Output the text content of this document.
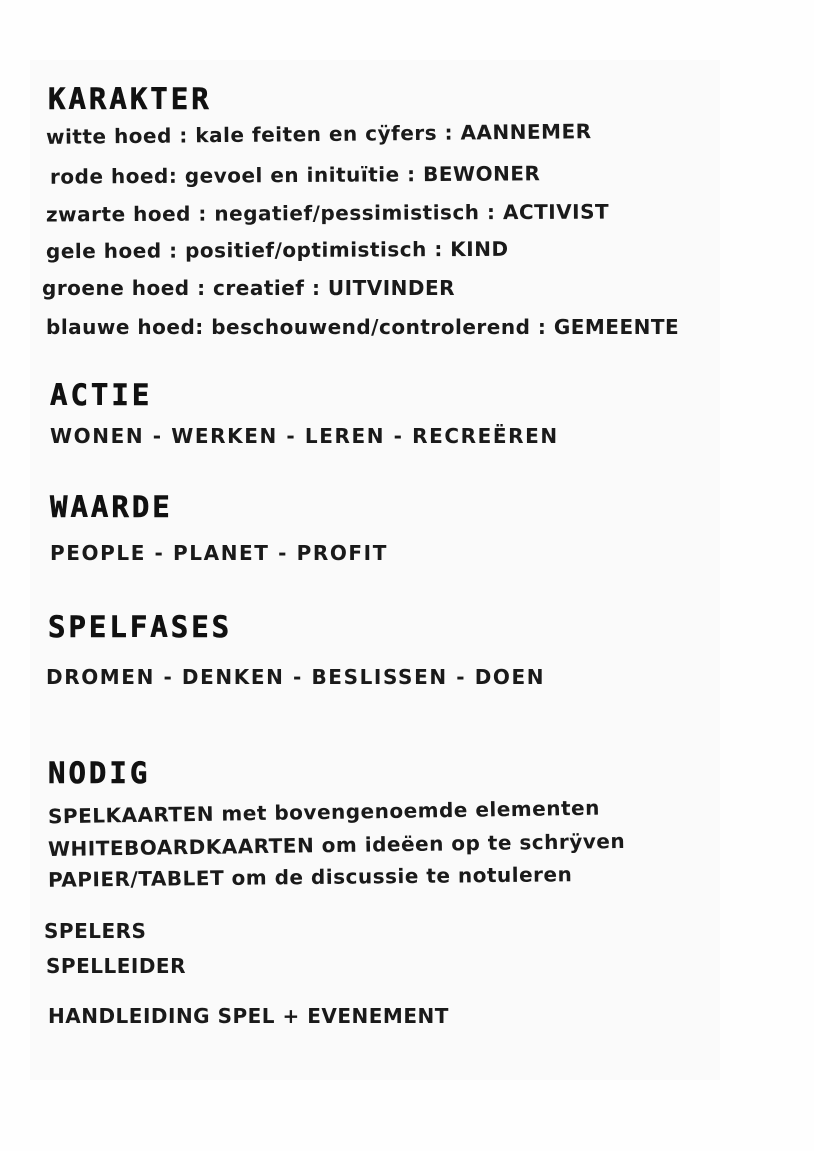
KARAKTER
witte hoed : kale feiten en cÿfers : AANNEMER
rode hoed: gevoel en inituïtie : BEWONER
zwarte hoed : negatief/pessimistisch : ACTIVIST
gele hoed : positief/optimistisch : KIND
groene hoed : creatief : UITVINDER
blauwe hoed: beschouwend/controlerend : GEMEENTE
ACTIE
WONEN - WERKEN - LEREN - RECREËREN
WAARDE
PEOPLE - PLANET - PROFIT
SPELFASES
DROMEN - DENKEN - BESLISSEN - DOEN
NODIG
SPELKAARTEN met bovengenoemde elementen
WHITEBOARDKAARTEN om ideëen op te schrÿven
PAPIER/TABLET om de discussie te notuleren
SPELERS
SPELLEIDER
HANDLEIDING SPEL + EVENEMENT
